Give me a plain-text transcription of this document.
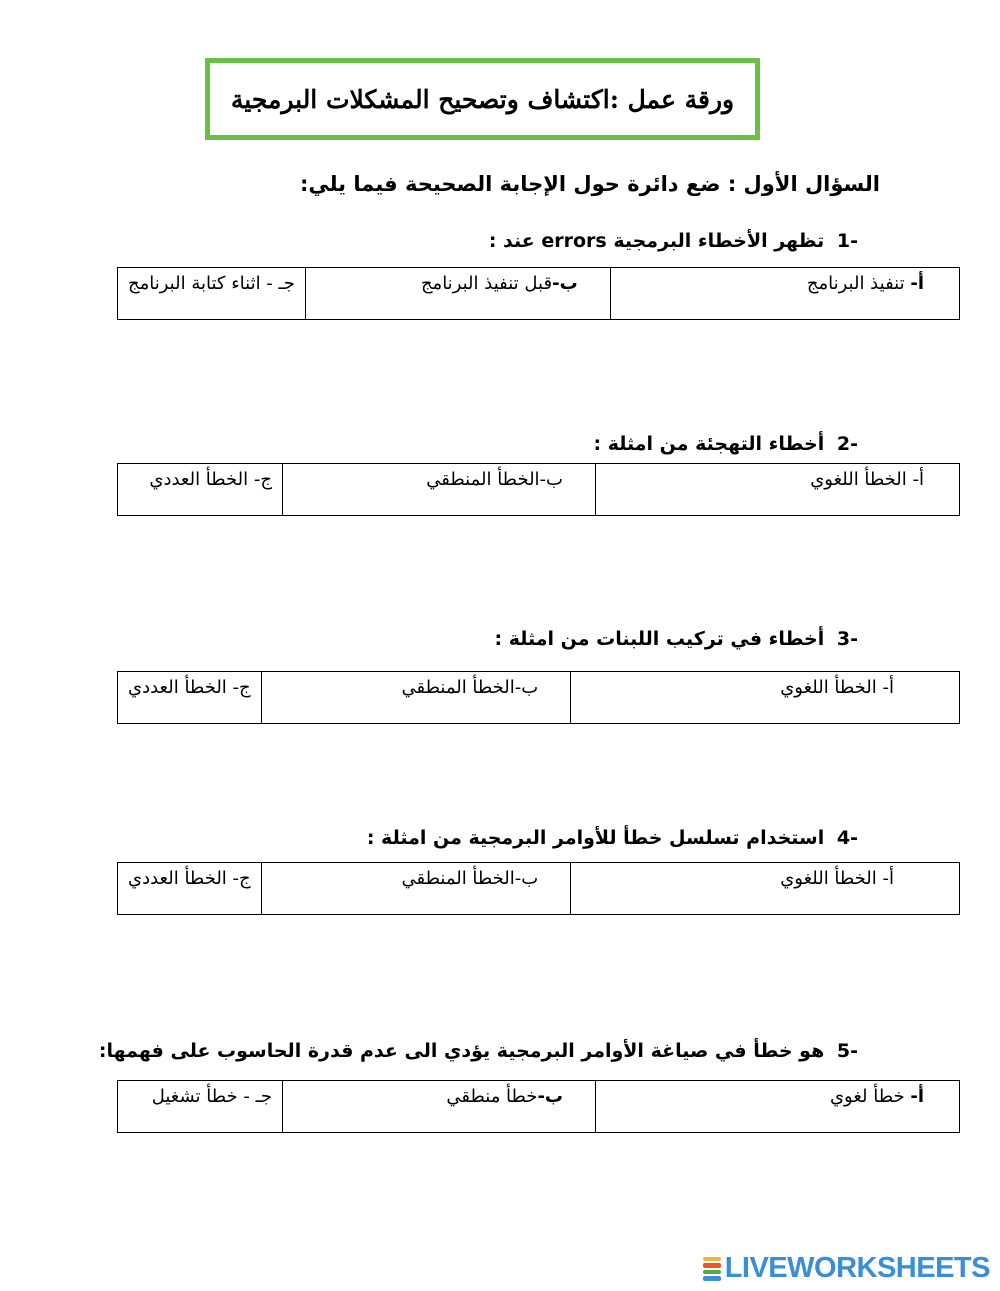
ورقة عمل :اكتشاف وتصحيح المشكلات البرمجية
السؤال الأول : ضع دائرة حول الإجابة الصحيحة فيما يلي:
-1 تظهر الأخطاء البرمجية errors عند :
أ- تنفيذ البرنامج	ب-قبل تنفيذ البرنامج	جـ - اثناء كتابة البرنامج
-2 أخطاء التهجئة من امثلة :
أ- الخطأ اللغوي	ب-الخطأ المنطقي	ج- الخطأ العددي
-3 أخطاء في تركيب اللبنات من امثلة :
أ- الخطأ اللغوي	ب-الخطأ المنطقي	ج- الخطأ العددي
-4 استخدام تسلسل خطأ للأوامر البرمجية من امثلة :
أ- الخطأ اللغوي	ب-الخطأ المنطقي	ج- الخطأ العددي
-5 هو خطأ في صياغة الأوامر البرمجية يؤدي الى عدم قدرة الحاسوب على فهمها:
أ- خطأ لغوي	ب-خطأ منطقي	جـ - خطأ تشغيل
LIVEWORKSHEETS
